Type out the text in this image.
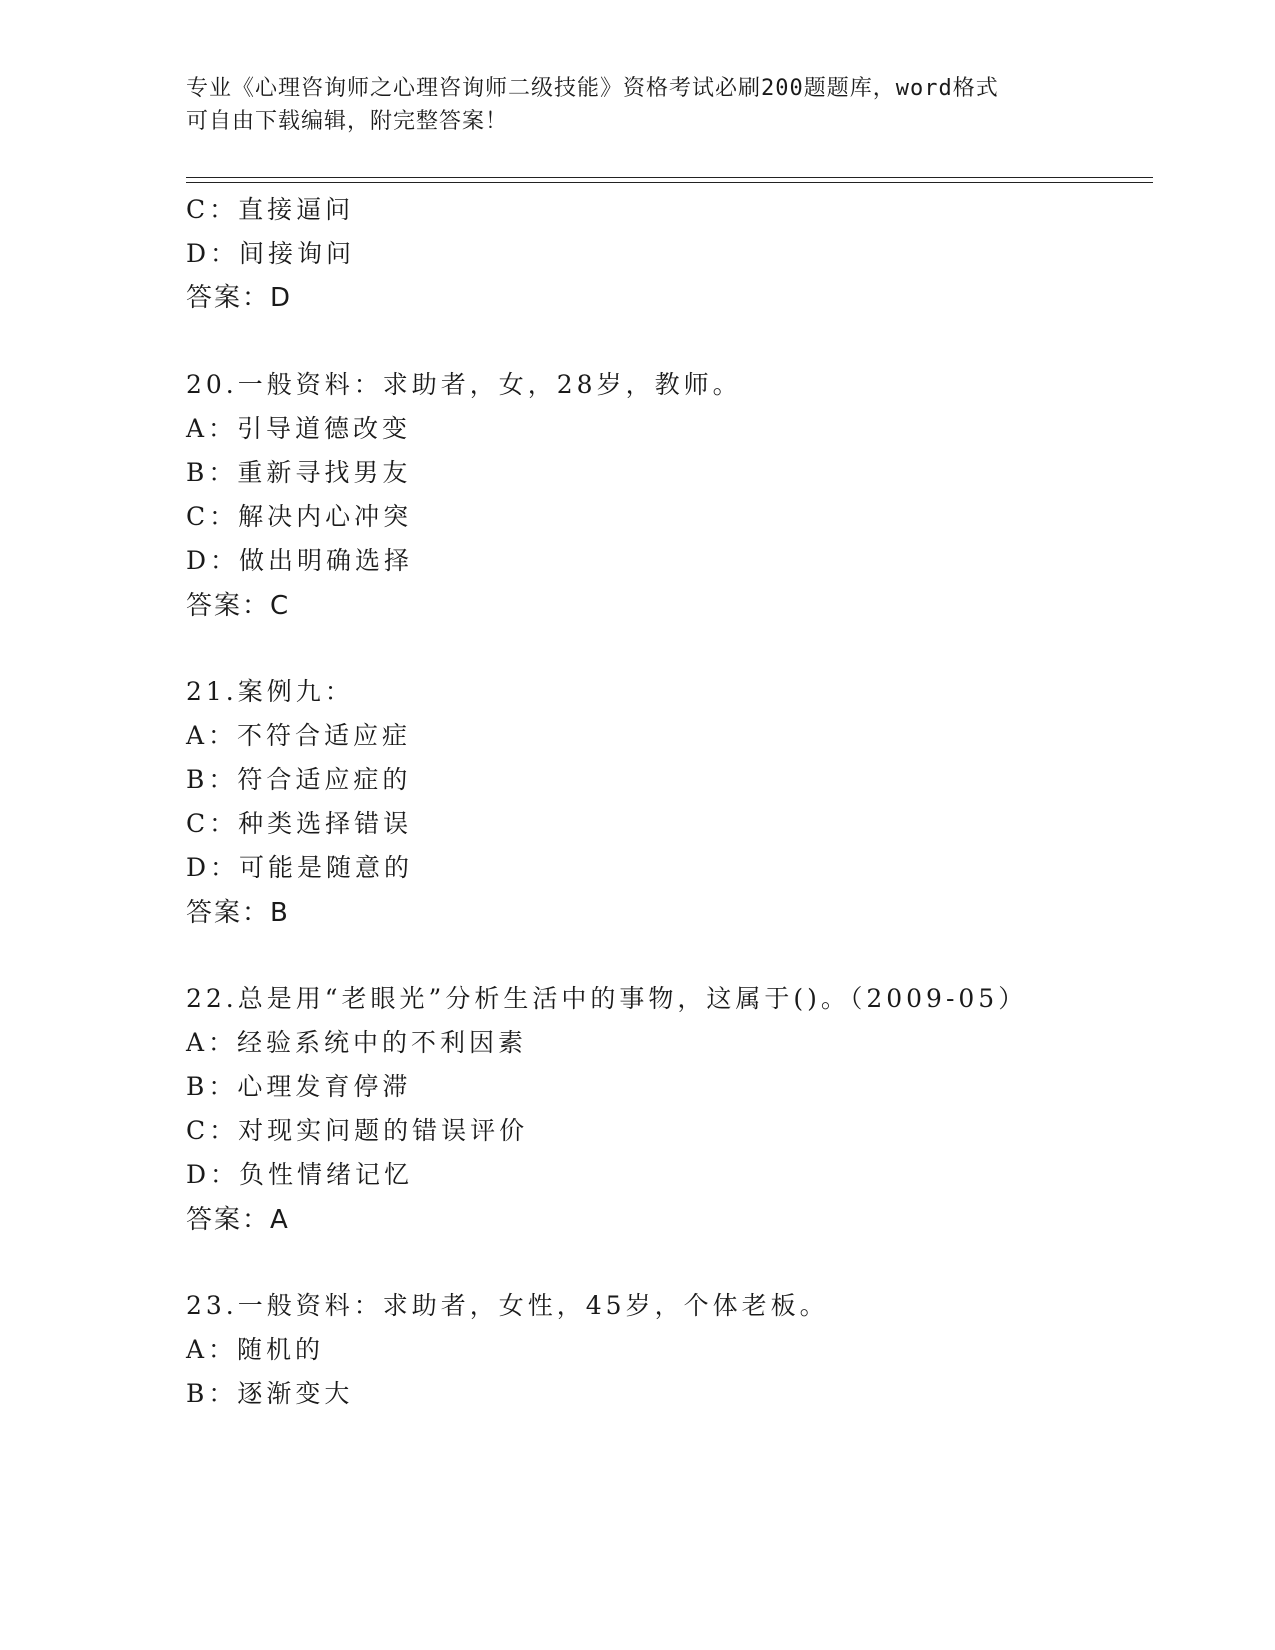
专业《心理咨询师之心理咨询师二级技能》资格考试必刷200题题库，word格式
可自由下载编辑，附完整答案！
C：直接逼问
D：间接询问
答案：D
20.一般资料：求助者，女，28岁，教师。
A：引导道德改变
B：重新寻找男友
C：解决内心冲突
D：做出明确选择
答案：C
21.案例九：
A：不符合适应症
B：符合适应症的
C：种类选择错误
D：可能是随意的
答案：B
22.总是用“老眼光”分析生活中的事物，这属于()。（2009-05）
A：经验系统中的不利因素
B：心理发育停滞
C：对现实问题的错误评价
D：负性情绪记忆
答案：A
23.一般资料：求助者，女性，45岁，个体老板。
A：随机的
B：逐渐变大
